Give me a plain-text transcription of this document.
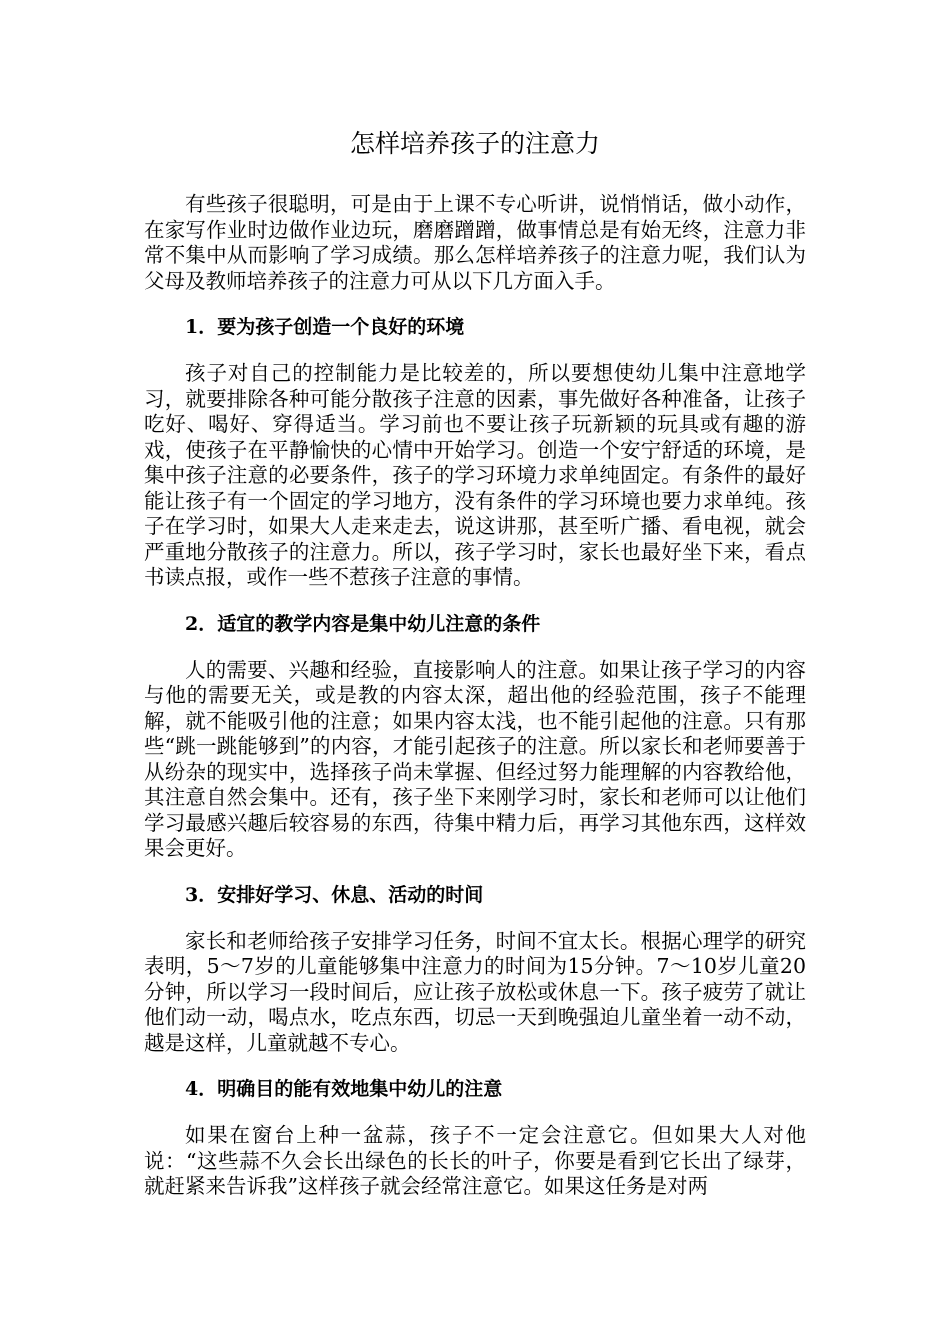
怎样培养孩子的注意力

有些孩子很聪明，可是由于上课不专心听讲，说悄悄话，做小动作，在家写作业时边做作业边玩，磨磨蹭蹭，做事情总是有始无终，注意力非常不集中从而影响了学习成绩。那么怎样培养孩子的注意力呢，我们认为父母及教师培养孩子的注意力可从以下几方面入手。

1．要为孩子创造一个良好的环境

孩子对自己的控制能力是比较差的，所以要想使幼儿集中注意地学习，就要排除各种可能分散孩子注意的因素，事先做好各种准备，让孩子吃好、喝好、穿得适当。学习前也不要让孩子玩新颖的玩具或有趣的游戏，使孩子在平静愉快的心情中开始学习。创造一个安宁舒适的环境，是集中孩子注意的必要条件，孩子的学习环境力求单纯固定。有条件的最好能让孩子有一个固定的学习地方，没有条件的学习环境也要力求单纯。孩子在学习时，如果大人走来走去，说这讲那，甚至听广播、看电视，就会严重地分散孩子的注意力。所以，孩子学习时，家长也最好坐下来，看点书读点报，或作一些不惹孩子注意的事情。

2．适宜的教学内容是集中幼儿注意的条件

人的需要、兴趣和经验，直接影响人的注意。如果让孩子学习的内容与他的需要无关，或是教的内容太深，超出他的经验范围，孩子不能理解，就不能吸引他的注意；如果内容太浅，也不能引起他的注意。只有那些“跳一跳能够到”的内容，才能引起孩子的注意。所以家长和老师要善于从纷杂的现实中，选择孩子尚未掌握、但经过努力能理解的内容教给他，其注意自然会集中。还有，孩子坐下来刚学习时，家长和老师可以让他们学习最感兴趣后较容易的东西，待集中精力后，再学习其他东西，这样效果会更好。

3．安排好学习、休息、活动的时间

家长和老师给孩子安排学习任务，时间不宜太长。根据心理学的研究表明，5～7岁的儿童能够集中注意力的时间为15分钟。7～10岁儿童20分钟，所以学习一段时间后，应让孩子放松或休息一下。孩子疲劳了就让他们动一动，喝点水，吃点东西，切忌一天到晚强迫儿童坐着一动不动，越是这样，儿童就越不专心。

4．明确目的能有效地集中幼儿的注意

如果在窗台上种一盆蒜，孩子不一定会注意它。但如果大人对他说：“这些蒜不久会长出绿色的长长的叶子，你要是看到它长出了绿芽，就赶紧来告诉我”这样孩子就会经常注意它。如果这任务是对两
